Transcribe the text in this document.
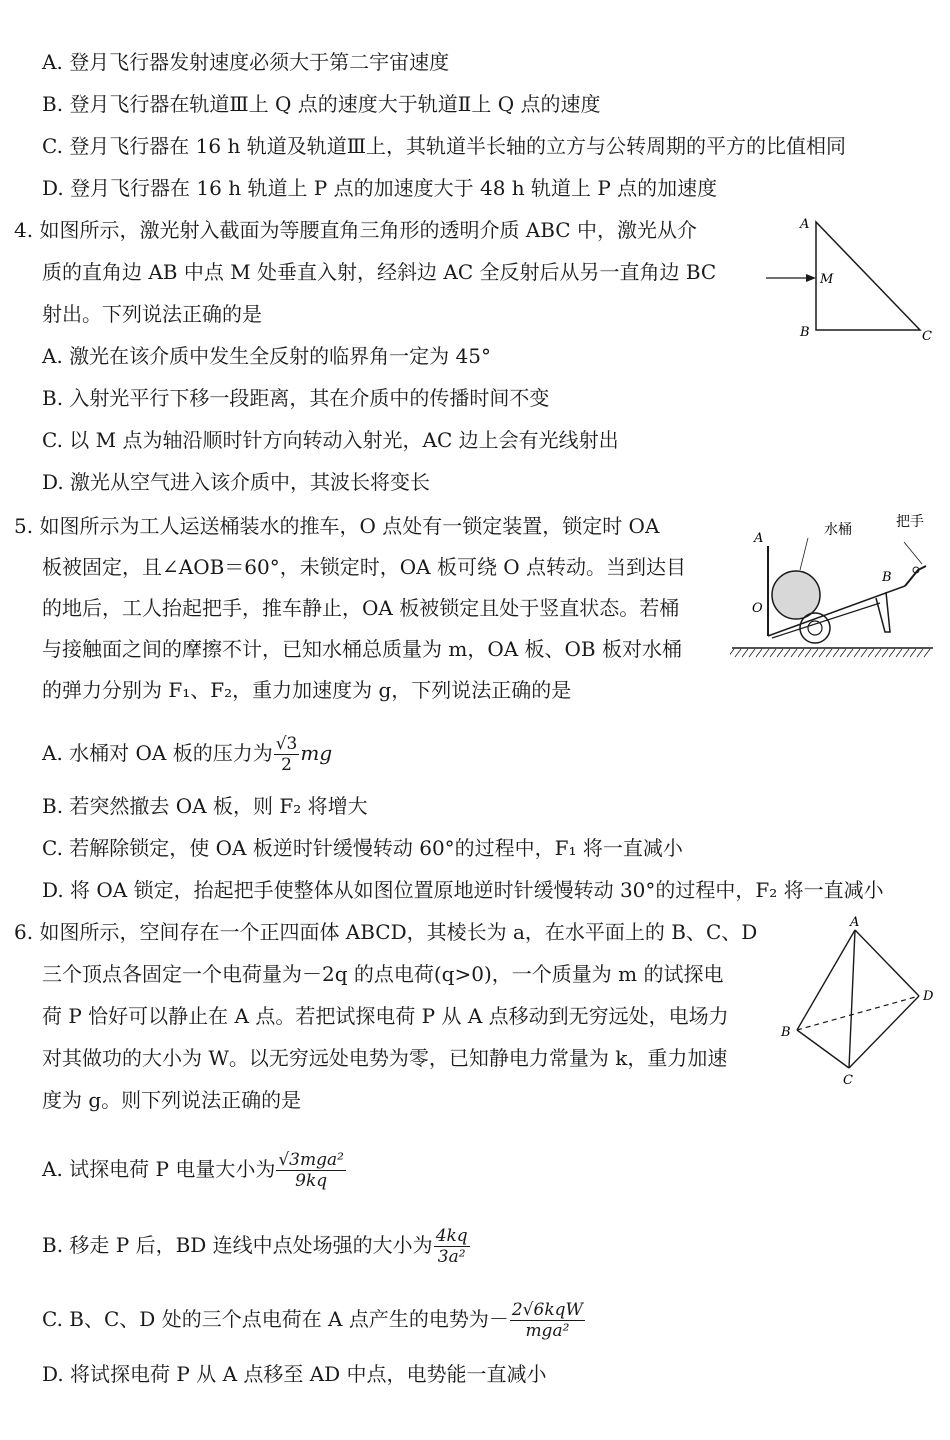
A. 登月飞行器发射速度必须大于第二宇宙速度
B. 登月飞行器在轨道Ⅲ上 Q 点的速度大于轨道Ⅱ上 Q 点的速度
C. 登月飞行器在 16 h 轨道及轨道Ⅲ上，其轨道半长轴的立方与公转周期的平方的比值相同
D. 登月飞行器在 16 h 轨道上 P 点的加速度大于 48 h 轨道上 P 点的加速度
4. 如图所示，激光射入截面为等腰直角三角形的透明介质 ABC 中，激光从介
质的直角边 AB 中点 M 处垂直入射，经斜边 AC 全反射后从另一直角边 BC
射出。下列说法正确的是
A. 激光在该介质中发生全反射的临界角一定为 45°
B. 入射光平行下移一段距离，其在介质中的传播时间不变
C. 以 M 点为轴沿顺时针方向转动入射光，AC 边上会有光线射出
D. 激光从空气进入该介质中，其波长将变长
A
M
B	C
5. 如图所示为工人运送桶装水的推车，O 点处有一锁定装置，锁定时 OA
板被固定，且∠AOB＝60°，未锁定时，OA 板可绕 O 点转动。当到达目
的地后，工人抬起把手，推车静止，OA 板被锁定且处于竖直状态。若桶
与接触面之间的摩擦不计，已知水桶总质量为 m，OA 板、OB 板对水桶
的弹力分别为 F₁、F₂，重力加速度为 g，下列说法正确的是
A. 水桶对 OA 板的压力为 $\frac{√3}{2}$ mg
B. 若突然撤去 OA 板，则 F₂ 将增大
C. 若解除锁定，使 OA 板逆时针缓慢转动 60°的过程中，F₁ 将一直减小
D. 将 OA 锁定，抬起把手使整体从如图位置原地逆时针缓慢转动 30°的过程中，F₂ 将一直减小
A
O
B
水桶	把手
6. 如图所示，空间存在一个正四面体 ABCD，其棱长为 a，在水平面上的 B、C、D
三个顶点各固定一个电荷量为－2q 的点电荷(q>0)，一个质量为 m 的试探电
荷 P 恰好可以静止在 A 点。若把试探电荷 P 从 A 点移动到无穷远处，电场力
对其做功的大小为 W。以无穷远处电势为零，已知静电力常量为 k，重力加速
度为 g。则下列说法正确的是
A. 试探电荷 P 电量大小为 $\frac{\text{√3mga²}}{9kq}$
B. 移走 P 后，BD 连线中点处场强的大小为 $\frac{4kq}{\text{3a²}}$
C. B、C、D 处的三个点电荷在 A 点产生的电势为－ $\frac{\text{2√6kqW}}{\text{mga²}}$
D. 将试探电荷 P 从 A 点移至 AD 中点，电势能一直减小
A
B
C
D
